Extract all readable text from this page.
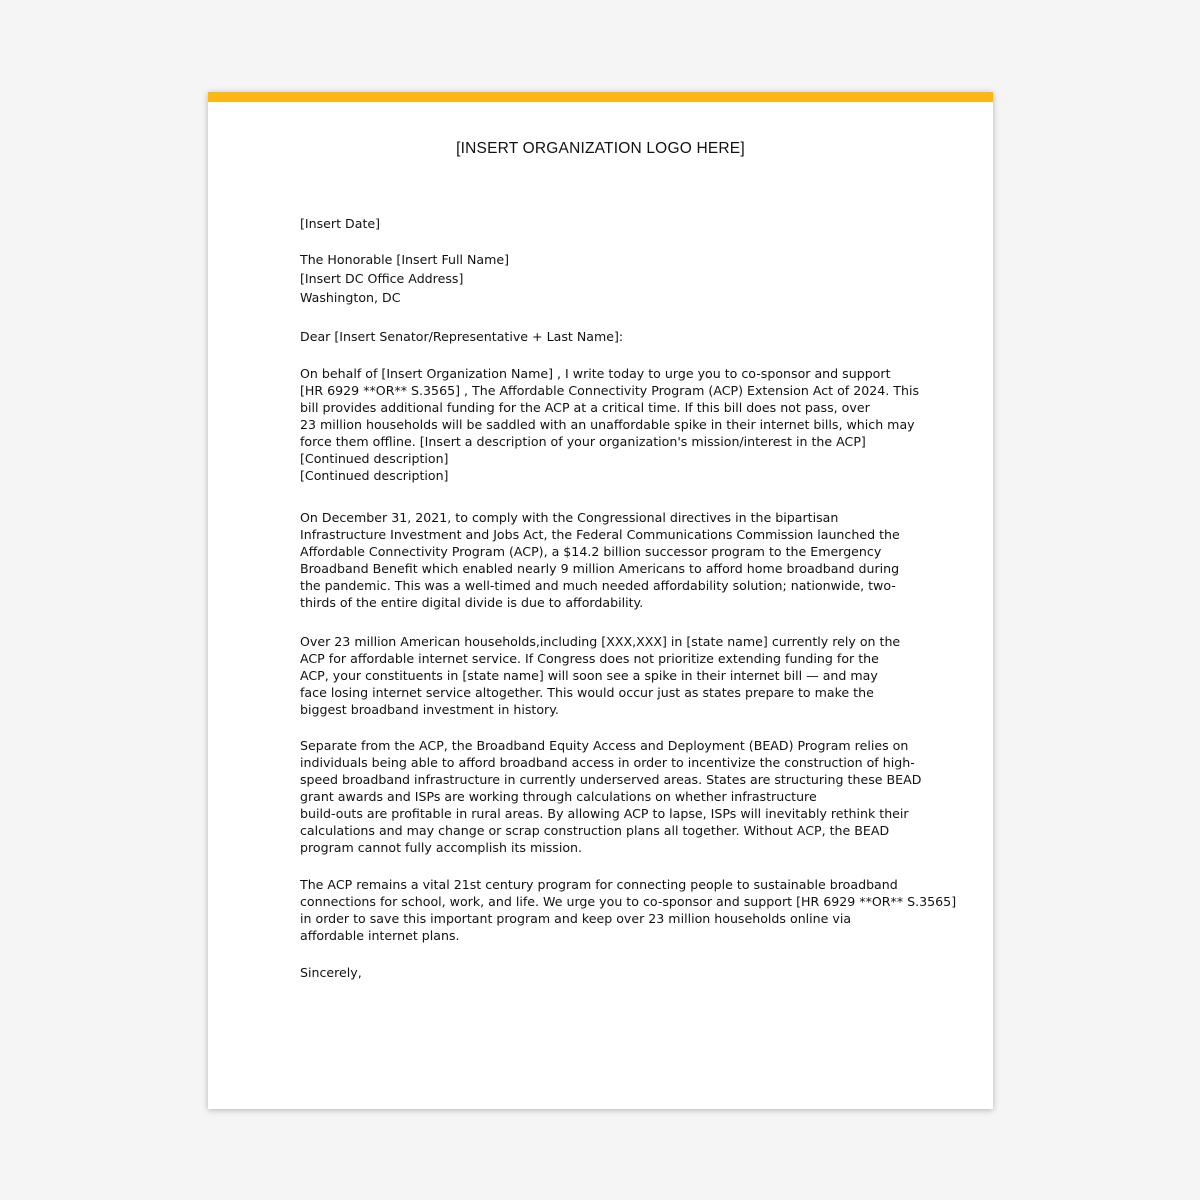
[INSERT ORGANIZATION LOGO HERE]
[Insert Date]
The Honorable [Insert Full Name]
[Insert DC Office Address]
Washington, DC
Dear [Insert Senator/Representative + Last Name]:
On behalf of [Insert Organization Name] , I write today to urge you to co-sponsor and support
[HR 6929 **OR** S.3565] , The Affordable Connectivity Program (ACP) Extension Act of 2024. This
bill provides additional funding for the ACP at a critical time. If this bill does not pass, over
23 million households will be saddled with an unaffordable spike in their internet bills, which may
force them offline. [Insert a description of your organization's mission/interest in the ACP]
[Continued description]
[Continued description]
On December 31, 2021, to comply with the Congressional directives in the bipartisan
Infrastructure Investment and Jobs Act, the Federal Communications Commission launched the
Affordable Connectivity Program (ACP), a $14.2 billion successor program to the Emergency
Broadband Benefit which enabled nearly 9 million Americans to afford home broadband during
the pandemic. This was a well-timed and much needed affordability solution; nationwide, two-
thirds of the entire digital divide is due to affordability.
Over 23 million American households,including [XXX,XXX] in [state name] currently rely on the
ACP for affordable internet service. If Congress does not prioritize extending funding for the
ACP, your constituents in [state name] will soon see a spike in their internet bill — and may
face losing internet service altogether. This would occur just as states prepare to make the
biggest broadband investment in history.
Separate from the ACP, the Broadband Equity Access and Deployment (BEAD) Program relies on
individuals being able to afford broadband access in order to incentivize the construction of high-
speed broadband infrastructure in currently underserved areas. States are structuring these BEAD
grant awards and ISPs are working through calculations on whether infrastructure
build-outs are profitable in rural areas. By allowing ACP to lapse, ISPs will inevitably rethink their
calculations and may change or scrap construction plans all together. Without ACP, the BEAD
program cannot fully accomplish its mission.
The ACP remains a vital 21st century program for connecting people to sustainable broadband
connections for school, work, and life. We urge you to co-sponsor and support [HR 6929 **OR** S.3565]
in order to save this important program and keep over 23 million households online via
affordable internet plans.
Sincerely,
